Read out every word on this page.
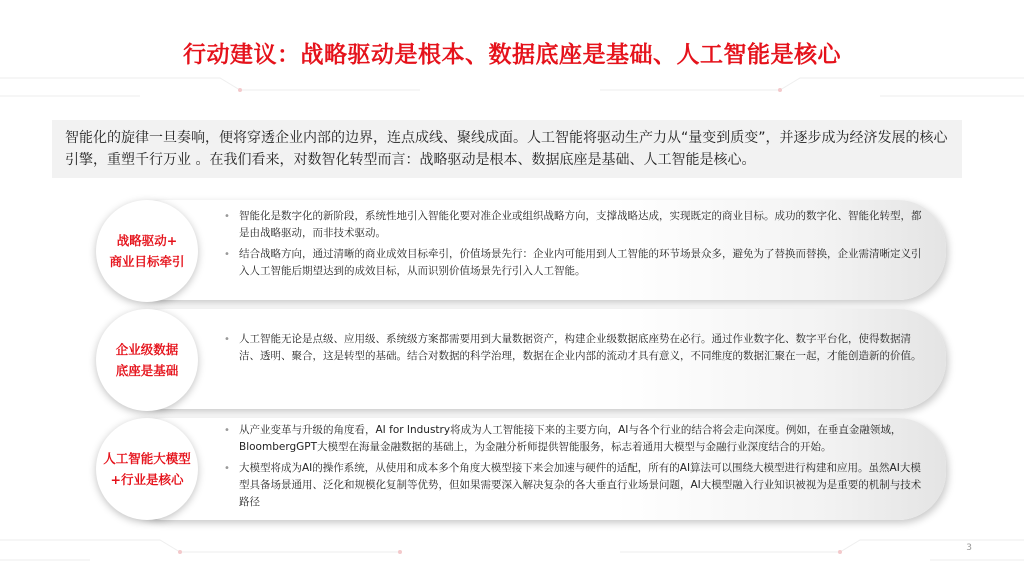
行动建议：战略驱动是根本、数据底座是基础、人工智能是核心
智能化的旋律一旦奏响，便将穿透企业内部的边界，连点成线、聚线成面。人工智能将驱动生产力从“量变到质变”，并逐步成为经济发展的核心引擎，重塑千行万业 。在我们看来，对数智化转型而言：战略驱动是根本、数据底座是基础、人工智能是核心。
战略驱动+
商业目标牵引
• 智能化是数字化的新阶段，系统性地引入智能化要对准企业或组织战略方向，支撑战略达成，实现既定的商业目标。成功的数字化、智能化转型，都是由战略驱动，而非技术驱动。
• 结合战略方向，通过清晰的商业成效目标牵引，价值场景先行：企业内可能用到人工智能的环节场景众多，避免为了替换而替换，企业需清晰定义引入人工智能后期望达到的成效目标，从而识别价值场景先行引入人工智能。
企业级数据
底座是基础
• 人工智能无论是点级、应用级、系统级方案都需要用到大量数据资产，构建企业级数据底座势在必行。通过作业数字化、数字平台化，使得数据清洁、透明、聚合，这是转型的基础。结合对数据的科学治理，数据在企业内部的流动才具有意义，不同维度的数据汇聚在一起，才能创造新的价值。
人工智能大模型
+行业是核心
• 从产业变革与升级的角度看，AI for Industry将成为人工智能接下来的主要方向，AI与各个行业的结合将会走向深度。例如，在垂直金融领域，BloombergGPT大模型在海量金融数据的基础上，为金融分析师提供智能服务，标志着通用大模型与金融行业深度结合的开始。
• 大模型将成为AI的操作系统，从使用和成本多个角度大模型接下来会加速与硬件的适配，所有的AI算法可以围绕大模型进行构建和应用。虽然AI大模型具备场景通用、泛化和规模化复制等优势，但如果需要深入解决复杂的各大垂直行业场景问题，AI大模型融入行业知识被视为是重要的机制与技术路径
3
